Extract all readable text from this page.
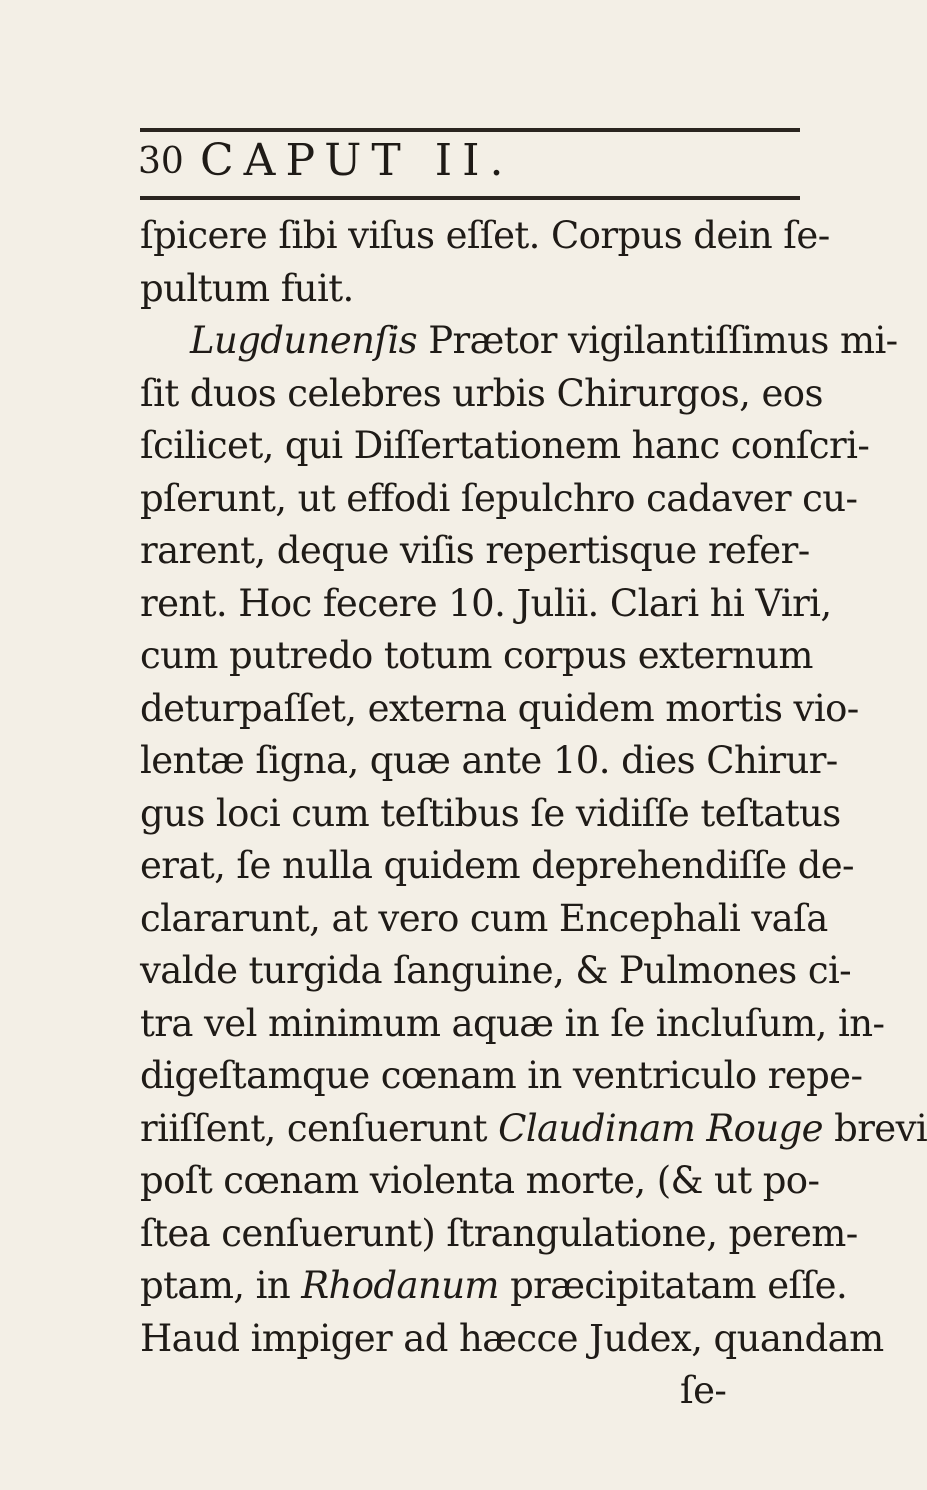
30 CAPUT II.
ſpicere ſibi viſus eſſet. Corpus dein ſe-
pultum fuit.
Lugdunenſis Prætor vigilantiſſimus mi-
ſit duos celebres urbis Chirurgos, eos
ſcilicet, qui Diſſertationem hanc conſcri-
pſerunt, ut effodi ſepulchro cadaver cu-
rarent, deque viſis repertisque refer-
rent. Hoc fecere 10. Julii. Clari hi Viri,
cum putredo totum corpus externum
deturpaſſet, externa quidem mortis vio-
lentæ ſigna, quæ ante 10. dies Chirur-
gus loci cum teſtibus ſe vidiſſe teſtatus
erat, ſe nulla quidem deprehendiſſe de-
clararunt, at vero cum Encephali vaſa
valde turgida ſanguine, & Pulmones ci-
tra vel minimum aquæ in ſe incluſum, in-
digeſtamque cœnam in ventriculo repe-
riiſſent, cenſuerunt Claudinam Rouge brevi
poſt cœnam violenta morte, (& ut po-
ſtea cenſuerunt) ſtrangulatione, perem-
ptam, in Rhodanum præcipitatam eſſe.
Haud impiger ad hæcce Judex, quandam
ſe-
